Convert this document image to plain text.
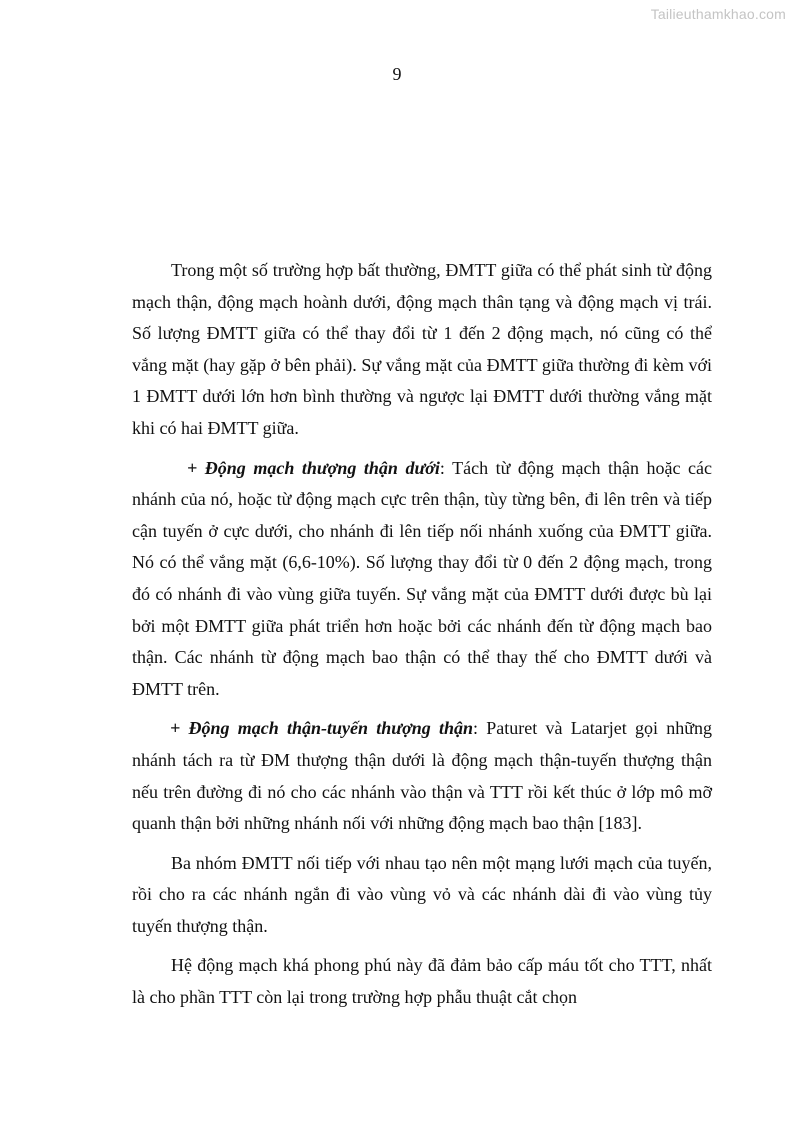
Tailieuthamkhao.com
9

Trong một số trường hợp bất thường, ĐMTT giữa có thể phát sinh từ động mạch thận, động mạch hoành dưới, động mạch thân tạng và động mạch vị trái. Số lượng ĐMTT giữa có thể thay đổi từ 1 đến 2 động mạch, nó cũng có thể vắng mặt (hay gặp ở bên phải). Sự vắng mặt của ĐMTT giữa thường đi kèm với 1 ĐMTT dưới lớn hơn bình thường và ngược lại ĐMTT dưới thường vắng mặt khi có hai ĐMTT giữa.

+ Động mạch thượng thận dưới: Tách từ động mạch thận hoặc các nhánh của nó, hoặc từ động mạch cực trên thận, tùy từng bên, đi lên trên và tiếp cận tuyến ở cực dưới, cho nhánh đi lên tiếp nối nhánh xuống của ĐMTT giữa. Nó có thể vắng mặt (6,6-10%). Số lượng thay đổi từ 0 đến 2 động mạch, trong đó có nhánh đi vào vùng giữa tuyến. Sự vắng mặt của ĐMTT dưới được bù lại bởi một ĐMTT giữa phát triển hơn hoặc bởi các nhánh đến từ động mạch bao thận. Các nhánh từ động mạch bao thận có thể thay thế cho ĐMTT dưới và ĐMTT trên.

+ Động mạch thận-tuyến thượng thận: Paturet và Latarjet gọi những nhánh tách ra từ ĐM thượng thận dưới là động mạch thận-tuyến thượng thận nếu trên đường đi nó cho các nhánh vào thận và TTT rồi kết thúc ở lớp mô mỡ quanh thận bởi những nhánh nối với những động mạch bao thận [183].

Ba nhóm ĐMTT nối tiếp với nhau tạo nên một mạng lưới mạch của tuyến, rồi cho ra các nhánh ngắn đi vào vùng vỏ và các nhánh dài đi vào vùng tủy tuyến thượng thận.

Hệ động mạch khá phong phú này đã đảm bảo cấp máu tốt cho TTT, nhất là cho phần TTT còn lại trong trường hợp phẫu thuật cắt chọn
